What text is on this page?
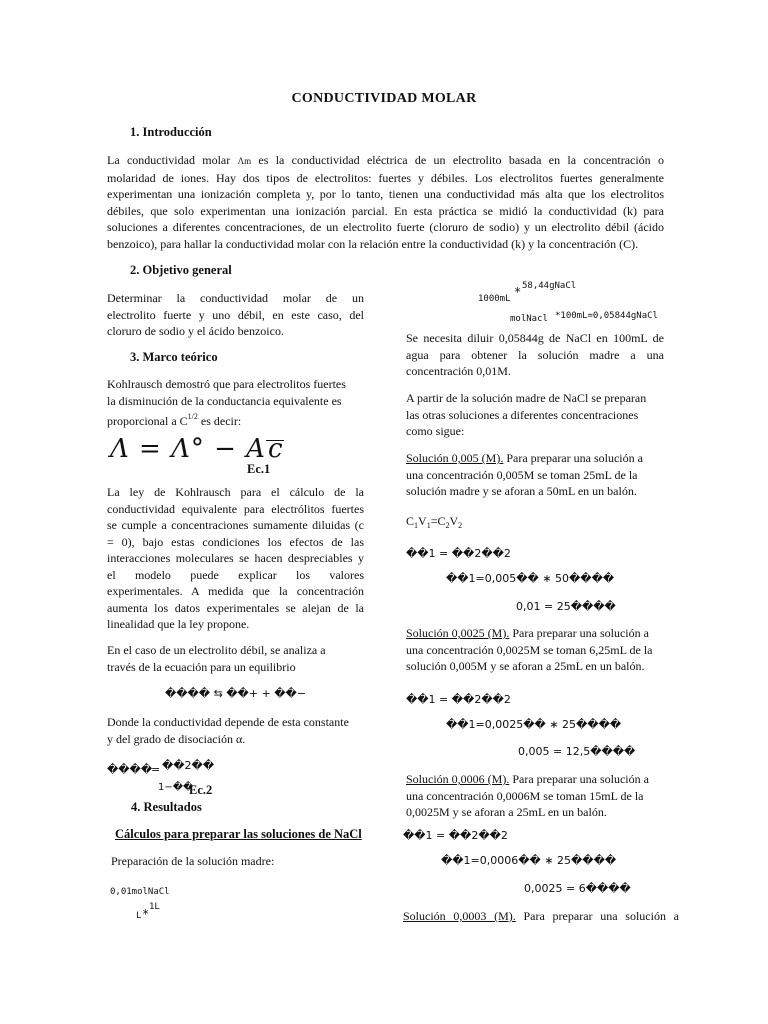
CONDUCTIVIDAD MOLAR
1. Introducción
La conductividad molar Λm es la conductividad eléctrica de un electrolito basada en la concentración o
molaridad de iones. Hay dos tipos de electrolitos: fuertes y débiles. Los electrolitos fuertes generalmente
experimentan una ionización completa y, por lo tanto, tienen una conductividad más alta que los electrolitos
débiles, que solo experimentan una ionización parcial. En esta práctica se midió la conductividad (k) para
soluciones a diferentes concentraciones, de un electrolito fuerte (cloruro de sodio) y un electrolito débil (ácido
benzoico), para hallar la conductividad molar con la relación entre la conductividad (k) y la concentración (C).
2. Objetivo general
Determinar la conductividad molar de un
electrolito fuerte y uno débil, en este caso, del
cloruro de sodio y el ácido benzoico.
3. Marco teórico
Kohlrausch demostró que para electrolitos fuertes
la disminución de la conductancia equivalente es
proporcional a $C^{1/2}$ es decir:
Λ = Λ° − Ac
Ec.1
La ley de Kohlrausch para el cálculo de la
conductividad equivalente para electrólitos fuertes
se cumple a concentraciones sumamente diluidas (c
= 0), bajo estas condiciones los efectos de las
interacciones moleculares se hacen despreciables y
el modelo puede explicar los valores
experimentales. A medida que la concentración
aumenta los datos experimentales se alejan de la
linealidad que la ley propone.
En el caso de un electrolito débil, se analiza a
través de la ecuación para un equilibrio
���� ⇆ ��+ + ��−
Donde la conductividad depende de esta constante
y del grado de disociación α.
����
= ��2��
1−��
Ec.2
4. Resultados
Cálculos para preparar las soluciones de NaCl
Preparación de la solución madre:
0,01molNaCl
* 1L
L
58,44gNaCl
*
1000mL
molNacl *100mL=0,05844gNaCl
Se necesita diluir 0,05844g de NaCl en 100mL de
agua para obtener la solución madre a una
concentración 0,01M.
A partir de la solución madre de NaCl se preparan
las otras soluciones a diferentes concentraciones
como sigue:
Solución 0,005 (M). Para preparar una solución a
una concentración 0,005M se toman 25mL de la
solución madre y se aforan a 50mL en un balón.
$C_1V_1=C_2V_2$
��1 = ��2��2
��1=0,005�� ∗ 50����
0,01 = 25����
Solución 0,0025 (M). Para preparar una solución a
una concentración 0,0025M se toman 6,25mL de la
solución 0,005M y se aforan a 25mL en un balón.
��1 = ��2��2
��1=0,0025�� ∗ 25����
0,005 = 12,5����
Solución 0,0006 (M). Para preparar una solución a
una concentración 0,0006M se toman 15mL de la
0,0025M y se aforan a 25mL en un balón.
��1 = ��2��2
��1=0,0006�� ∗ 25����
0,0025 = 6����
Solución 0,0003 (M). Para preparar una solución a
